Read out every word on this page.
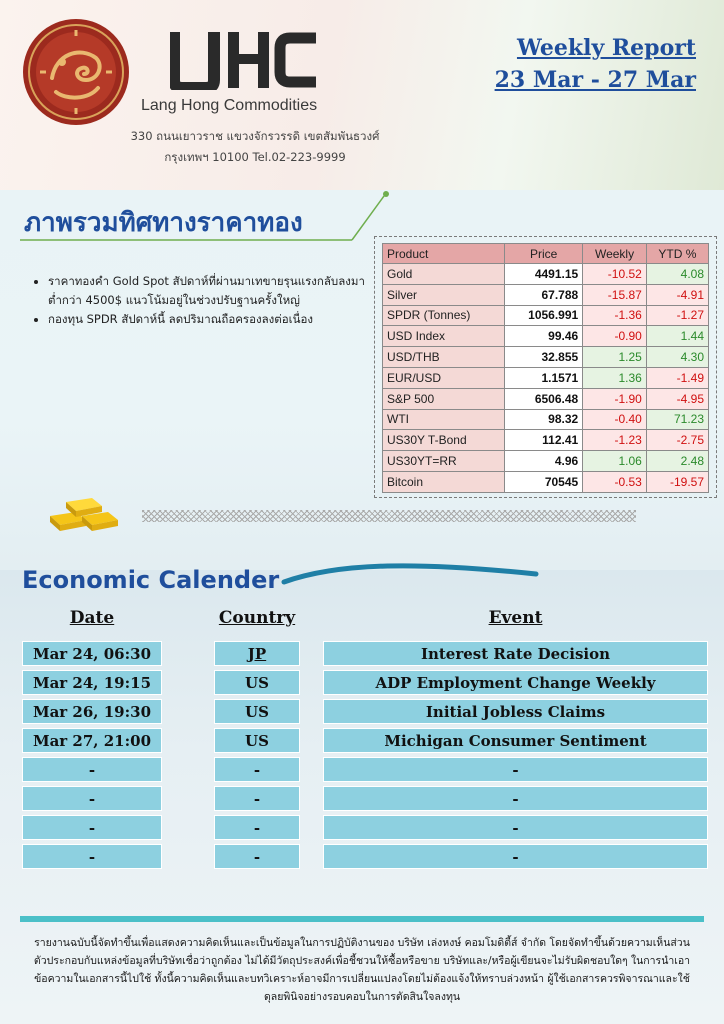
Lang Hong Commodities
330 ถนนเยาวราช แขวงจักรวรรดิ เขตสัมพันธวงศ์
กรุงเทพฯ 10100 Tel.02-223-9999
Weekly Report
23 Mar - 27 Mar
ภาพรวมทิศทางราคาทอง
• ราคาทองคำ Gold Spot สัปดาห์ที่ผ่านมาเทขายรุนแรงกลับลงมาต่ำกว่า 4500$ แนวโน้มอยู่ในช่วงปรับฐานครั้งใหญ่
• กองทุน SPDR สัปดาห์นี้ ลดปริมาณถือครองลงต่อเนื่อง
Product	Price	Weekly	YTD %
Gold	4491.15	-10.52	4.08
Silver	67.788	-15.87	-4.91
SPDR (Tonnes)	1056.991	-1.36	-1.27
USD Index	99.46	-0.90	1.44
USD/THB	32.855	1.25	4.30
EUR/USD	1.1571	1.36	-1.49
S&P 500	6506.48	-1.90	-4.95
WTI	98.32	-0.40	71.23
US30Y T-Bond	112.41	-1.23	-2.75
US30YT=RR	4.96	1.06	2.48
Bitcoin	70545	-0.53	-19.57
Economic Calender
Date	Country	Event
Mar 24, 06:30	JP	Interest Rate Decision
Mar 24, 19:15	US	ADP Employment Change Weekly
Mar 26, 19:30	US	Initial Jobless Claims
Mar 27, 21:00	US	Michigan Consumer Sentiment
-	-	-
-	-	-
-	-	-
-	-	-
รายงานฉบับนี้จัดทำขึ้นเพื่อแสดงความคิดเห็นและเป็นข้อมูลในการปฏิบัติงานของ บริษัท เล่งหงษ์ คอมโมดิตี้ส์ จำกัด โดยจัดทำขึ้นด้วยความเห็นส่วนตัวประกอบกับแหล่งข้อมูลที่บริษัทเชื่อว่าถูกต้อง ไม่ได้มีวัตถุประสงค์เพื่อชี้ชวนให้ซื้อหรือขาย บริษัทและ/หรือผู้เขียนจะไม่รับผิดชอบใดๆ ในการนำเอาข้อความในเอกสารนี้ไปใช้ ทั้งนี้ความคิดเห็นและบทวิเคราะห์อาจมีการเปลี่ยนแปลงโดยไม่ต้องแจ้งให้ทราบล่วงหน้า ผู้ใช้เอกสารควรพิจารณาและใช้ดุลยพินิจอย่างรอบคอบในการตัดสินใจลงทุน
